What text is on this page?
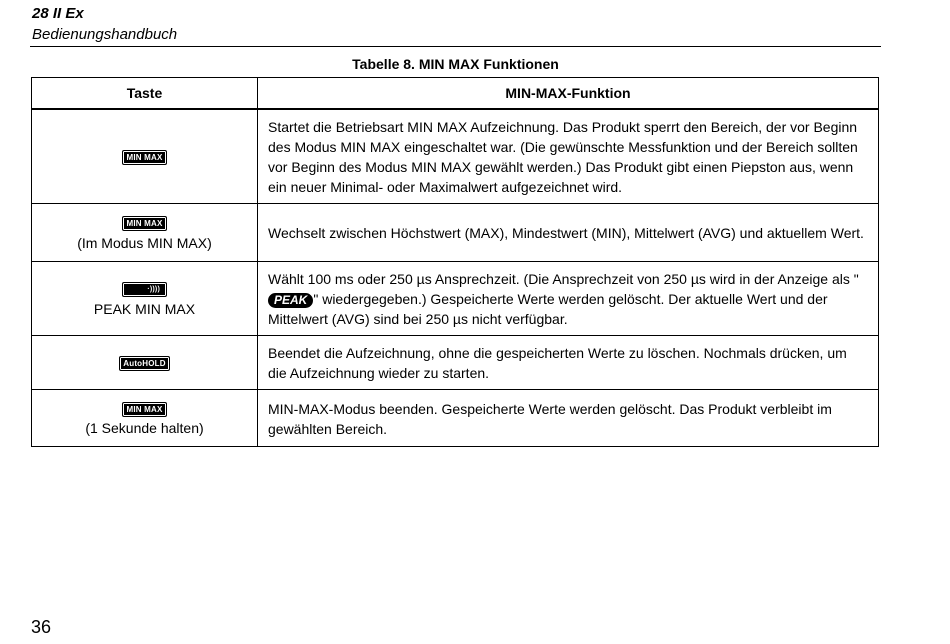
28 II Ex
Bedienungshandbuch
Tabelle 8. MIN MAX Funktionen
Taste	MIN-MAX-Funktion
MIN MAX	Startet die Betriebsart MIN MAX Aufzeichnung. Das Produkt sperrt den Bereich, der vor Beginn des Modus MIN MAX eingeschaltet war. (Die gewünschte Messfunktion und der Bereich sollten vor Beginn des Modus MIN MAX gewählt werden.) Das Produkt gibt einen Piepston aus, wenn ein neuer Minimal- oder Maximalwert aufgezeichnet wird.
MIN MAX
(Im Modus MIN MAX)	Wechselt zwischen Höchstwert (MAX), Mindestwert (MIN), Mittelwert (AVG) und aktuellem Wert.
·))))
PEAK MIN MAX	Wählt 100 ms oder 250 µs Ansprechzeit. (Die Ansprechzeit von 250 µs wird in der Anzeige als "PEAK " wiedergegeben.) Gespeicherte Werte werden gelöscht. Der aktuelle Wert und der Mittelwert (AVG) sind bei 250 µs nicht verfügbar.
AutoHOLD	Beendet die Aufzeichnung, ohne die gespeicherten Werte zu löschen. Nochmals drücken, um die Aufzeichnung wieder zu starten.
MIN MAX
(1 Sekunde halten)	MIN-MAX-Modus beenden. Gespeicherte Werte werden gelöscht. Das Produkt verbleibt im gewählten Bereich.
36
